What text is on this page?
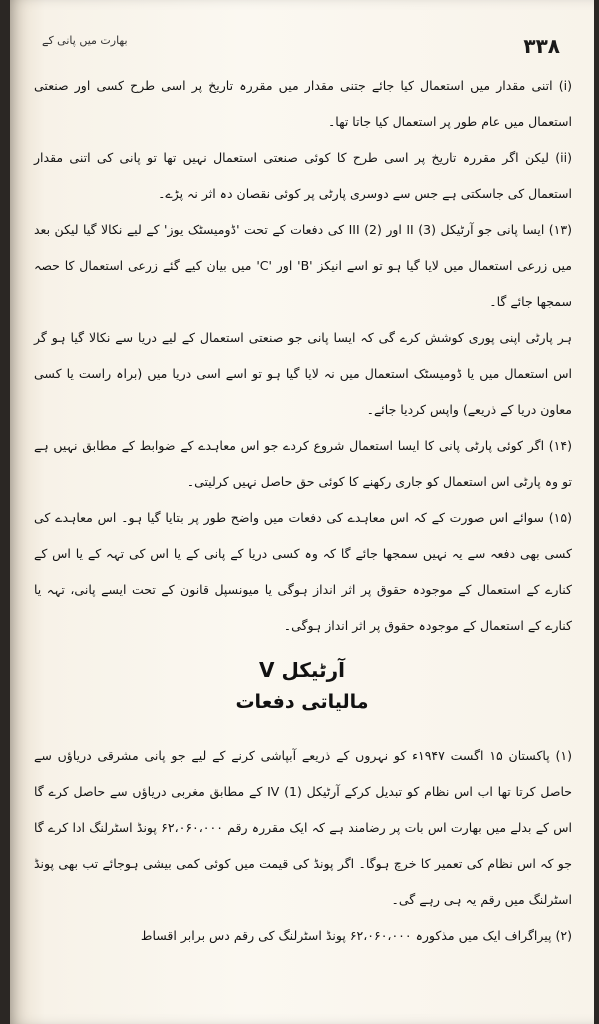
بھارت میں پانی کے	۳۳۸

(i) اتنی مقدار میں استعمال کیا جائے جتنی مقدار میں مقررہ تاریخ پر اسی طرح کسی اور صنعتی استعمال میں عام طور پر استعمال کیا جاتا تھا۔

(ii) لیکن اگر مقررہ تاریخ پر اسی طرح کا کوئی صنعتی استعمال نہیں تھا تو پانی کی اتنی مقدار استعمال کی جاسکتی ہے جس سے دوسری پارٹی پر کوئی نقصان دہ اثر نہ پڑے۔

(۱۳) ایسا پانی جو آرٹیکل (3) II اور (2) III کی دفعات کے تحت 'ڈومیسٹک یوز' کے لیے نکالا گیا لیکن بعد میں زرعی استعمال میں لایا گیا ہو تو اسے انیکز 'B' اور 'C' میں بیان کیے گئے زرعی استعمال کا حصہ سمجھا جائے گا۔

ہر پارٹی اپنی پوری کوشش کرے گی کہ ایسا پانی جو صنعتی استعمال کے لیے دریا سے نکالا گیا ہو گر اس استعمال میں یا ڈومیسٹک استعمال میں نہ لایا گیا ہو تو اسے اسی دریا میں (براہ راست یا کسی معاون دریا کے ذریعے) واپس کردیا جائے۔

(۱۴) اگر کوئی پارٹی پانی کا ایسا استعمال شروع کردے جو اس معاہدے کے ضوابط کے مطابق نہیں ہے تو وہ پارٹی اس استعمال کو جاری رکھنے کا کوئی حق حاصل نہیں کرلیتی۔

(۱۵) سوائے اس صورت کے کہ اس معاہدے کی دفعات میں واضح طور پر بتایا گیا ہو۔ اس معاہدے کی کسی بھی دفعہ سے یہ نہیں سمجھا جائے گا کہ وہ کسی دریا کے پانی کے یا اس کی تہہ کے یا اس کے کنارے کے استعمال کے موجودہ حقوق پر اثر انداز ہوگی یا میونسپل قانون کے تحت ایسے پانی، تہہ یا کنارے کے استعمال کے موجودہ حقوق پر اثر انداز ہوگی۔

آرٹیکل V
مالیاتی دفعات

(۱) پاکستان ۱۵ اگست ۱۹۴۷ء کو نہروں کے ذریعے آبپاشی کرنے کے لیے جو پانی مشرقی دریاؤں سے حاصل کرتا تھا اب اس نظام کو تبدیل کرکے آرٹیکل (1) IV کے مطابق مغربی دریاؤں سے حاصل کرے گا اس کے بدلے میں بھارت اس بات پر رضامند ہے کہ ایک مقررہ رقم ۶۲،۰۶۰،۰۰۰ پونڈ اسٹرلنگ ادا کرے گا جو کہ اس نظام کی تعمیر کا خرچ ہوگا۔ اگر پونڈ کی قیمت میں کوئی کمی بیشی ہوجائے تب بھی پونڈ اسٹرلنگ میں رقم یہ ہی رہے گی۔

(۲) پیراگراف ایک میں مذکورہ ۶۲،۰۶۰،۰۰۰ پونڈ اسٹرلنگ کی رقم دس برابر اقساط
